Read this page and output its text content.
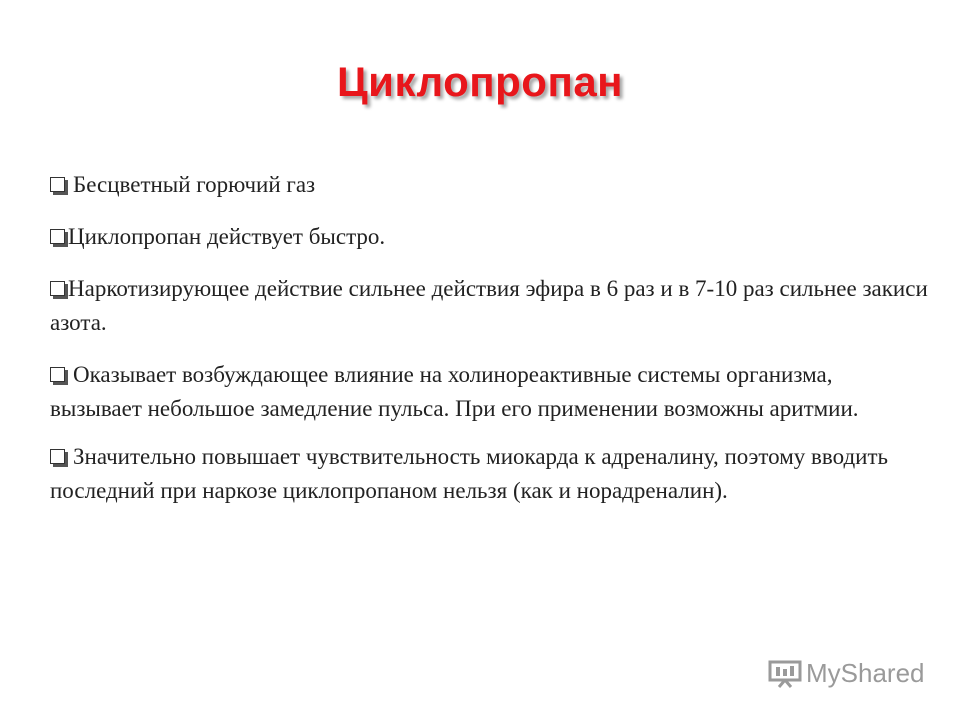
Циклопропан
Бесцветный горючий газ
Циклопропан действует быстро.
Наркотизирующее действие сильнее действия эфира в 6 раз и в 7-10 раз сильнее закиси азота.
Оказывает возбуждающее влияние на холинореактивные системы организма, вызывает небольшое замедление пульса. При его применении возможны аритмии.
Значительно повышает чувствительность миокарда к адреналину, поэтому вводить последний при наркозе циклопропаном нельзя (как и норадреналин).
MyShared
